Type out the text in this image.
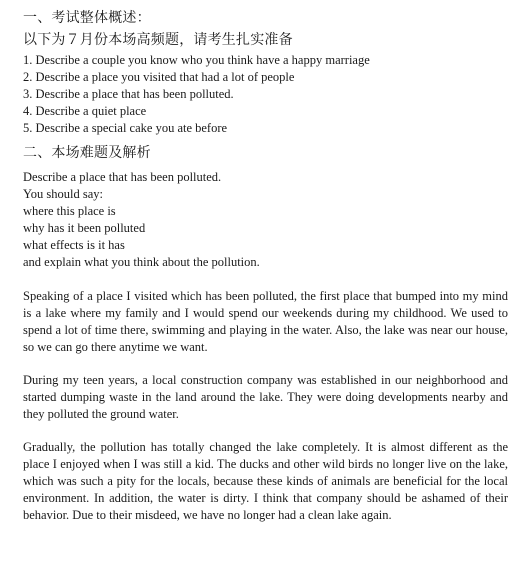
一、考试整体概述：
以下为７月份本场高频题，请考生扎实准备
1. Describe a couple you know who you think have a happy marriage
2. Describe a place you visited that had a lot of people
3. Describe a place that has been polluted.
4. Describe a quiet place
5. Describe a special cake you ate before
二、本场难题及解析
Describe a place that has been polluted.
You should say:
where this place is
why has it been polluted
what effects is it has
and explain what you think about the pollution.

Speaking of a place I visited which has been polluted, the first place that bumped into my mind is a lake where my family and I would spend our weekends during my childhood. We used to spend a lot of time there, swimming and playing in the water. Also, the lake was near our house, so we can go there anytime we want.

During my teen years, a local construction company was established in our neighborhood and started dumping waste in the land around the lake. They were doing developments nearby and they polluted the ground water.

Gradually, the pollution has totally changed the lake completely. It is almost different as the place I enjoyed when I was still a kid. The ducks and other wild birds no longer live on the lake, which was such a pity for the locals, because these kinds of animals are beneficial for the local environment. In addition, the water is dirty. I think that company should be ashamed of their behavior. Due to their misdeed, we have no longer had a clean lake again.
